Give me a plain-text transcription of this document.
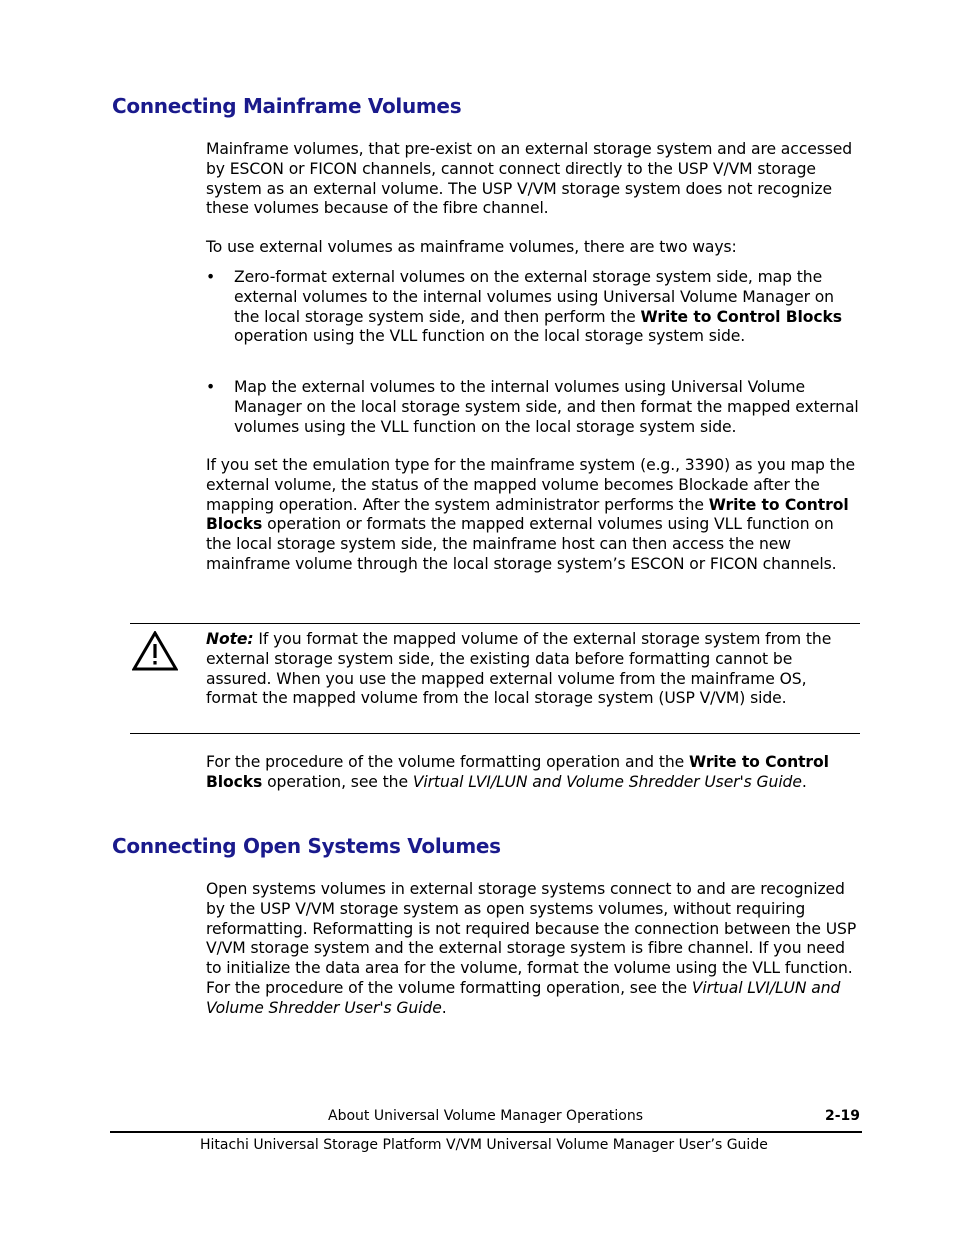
Connecting Mainframe Volumes

Mainframe volumes, that pre-exist on an external storage system and are accessed by ESCON or FICON channels, cannot connect directly to the USP V/VM storage system as an external volume. The USP V/VM storage system does not recognize these volumes because of the fibre channel.

To use external volumes as mainframe volumes, there are two ways:

• Zero-format external volumes on the external storage system side, map the external volumes to the internal volumes using Universal Volume Manager on the local storage system side, and then perform the Write to Control Blocks operation using the VLL function on the local storage system side.

• Map the external volumes to the internal volumes using Universal Volume Manager on the local storage system side, and then format the mapped external volumes using the VLL function on the local storage system side.

If you set the emulation type for the mainframe system (e.g., 3390) as you map the external volume, the status of the mapped volume becomes Blockade after the mapping operation. After the system administrator performs the Write to Control Blocks operation or formats the mapped external volumes using VLL function on the local storage system side, the mainframe host can then access the new mainframe volume through the local storage system’s ESCON or FICON channels.

Note: If you format the mapped volume of the external storage system from the external storage system side, the existing data before formatting cannot be assured. When you use the mapped external volume from the mainframe OS, format the mapped volume from the local storage system (USP V/VM) side.

For the procedure of the volume formatting operation and the Write to Control Blocks operation, see the Virtual LVI/LUN and Volume Shredder User's Guide.

Connecting Open Systems Volumes

Open systems volumes in external storage systems connect to and are recognized by the USP V/VM storage system as open systems volumes, without requiring reformatting. Reformatting is not required because the connection between the USP V/VM storage system and the external storage system is fibre channel. If you need to initialize the data area for the volume, format the volume using the VLL function. For the procedure of the volume formatting operation, see the Virtual LVI/LUN and Volume Shredder User's Guide.

About Universal Volume Manager Operations	2-19
Hitachi Universal Storage Platform V/VM Universal Volume Manager User’s Guide
